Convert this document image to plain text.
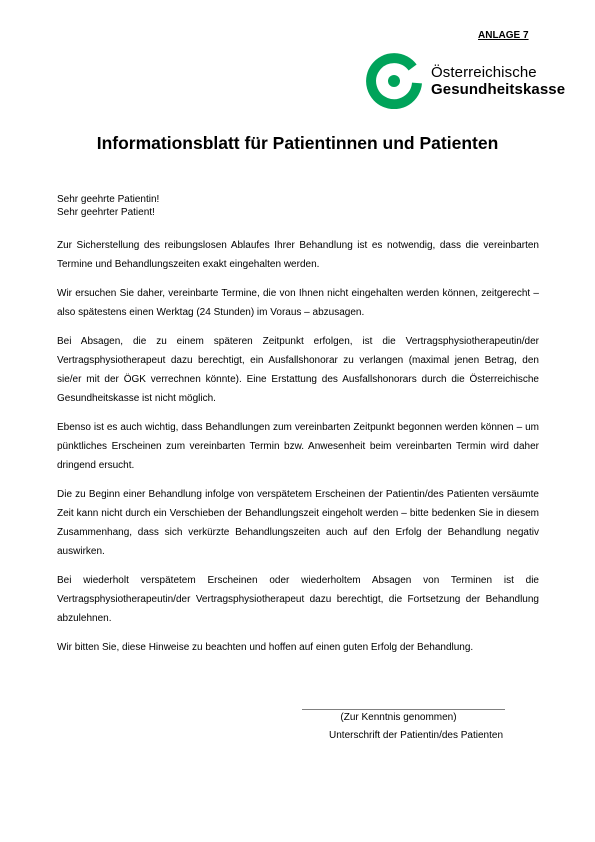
ANLAGE 7
Österreichische
Gesundheitskasse
Informationsblatt für Patientinnen und Patienten
Sehr geehrte Patientin!
Sehr geehrter Patient!

Zur Sicherstellung des reibungslosen Ablaufes Ihrer Behandlung ist es notwendig, dass die vereinbarten Termine und Behandlungszeiten exakt eingehalten werden.

Wir ersuchen Sie daher, vereinbarte Termine, die von Ihnen nicht eingehalten werden können, zeitgerecht – also spätestens einen Werktag (24 Stunden) im Voraus – abzusagen.

Bei Absagen, die zu einem späteren Zeitpunkt erfolgen, ist die Vertragsphysiotherapeutin/der Vertragsphysiotherapeut dazu berechtigt, ein Ausfallshonorar zu verlangen (maximal jenen Betrag, den sie/er mit der ÖGK verrechnen könnte). Eine Erstattung des Ausfallshonorars durch die Österreichische Gesundheitskasse ist nicht möglich.

Ebenso ist es auch wichtig, dass Behandlungen zum vereinbarten Zeitpunkt begonnen werden können – um pünktliches Erscheinen zum vereinbarten Termin bzw. Anwesenheit beim vereinbarten Termin wird daher dringend ersucht.

Die zu Beginn einer Behandlung infolge von verspätetem Erscheinen der Patientin/des Patienten versäumte Zeit kann nicht durch ein Verschieben der Behandlungszeit eingeholt werden – bitte bedenken Sie in diesem Zusammenhang, dass sich verkürzte Behandlungszeiten auch auf den Erfolg der Behandlung negativ auswirken.

Bei wiederholt verspätetem Erscheinen oder wiederholtem Absagen von Terminen ist die Vertragsphysiotherapeutin/der Vertragsphysiotherapeut dazu berechtigt, die Fortsetzung der Behandlung abzulehnen.

Wir bitten Sie, diese Hinweise zu beachten und hoffen auf einen guten Erfolg der Behandlung.

(Zur Kenntnis genommen)
Unterschrift der Patientin/des Patienten
